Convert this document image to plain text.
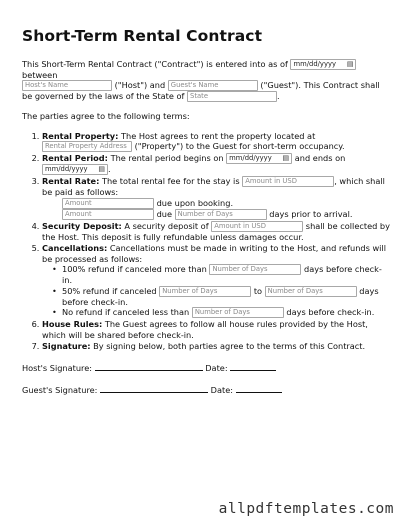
Short-Term Rental Contract

This Short-Term Rental Contract ("Contract") is entered into as of mm/dd/yyyy ▤
between
Host's Name	("Host") and Guest's Name	("Guest"). This Contract shall be governed by the laws of the State of State	.

The parties agree to the following terms:

1. Rental Property: The Host agrees to rent the property located at Rental Property Address ("Property") to the Guest for short-term occupancy.
2. Rental Period: The rental period begins on mm/dd/yyyy ▤ and ends on mm/dd/yyyy ▤ .
3. Rental Rate: The total rental fee for the stay is Amount in USD	, which shall be paid as follows:
Amount	due upon booking.
Amount	due Number of Days	days prior to arrival.
4. Security Deposit: A security deposit of Amount in USD	shall be collected by the Host. This deposit is fully refundable unless damages occur.
5. Cancellations: Cancellations must be made in writing to the Host, and refunds will be processed as follows:
• 100% refund if canceled more than Number of Days	days before check-in.
• 50% refund if canceled Number of Days	to Number of Days	days before check-in.
• No refund if canceled less than Number of Days	days before check-in.
6. House Rules: The Guest agrees to follow all house rules provided by the Host, which will be shared before check-in.
7. Signature: By signing below, both parties agree to the terms of this Contract.
Host's Signature:	Date:
Guest's Signature:	Date:
allpdftemplates.com
